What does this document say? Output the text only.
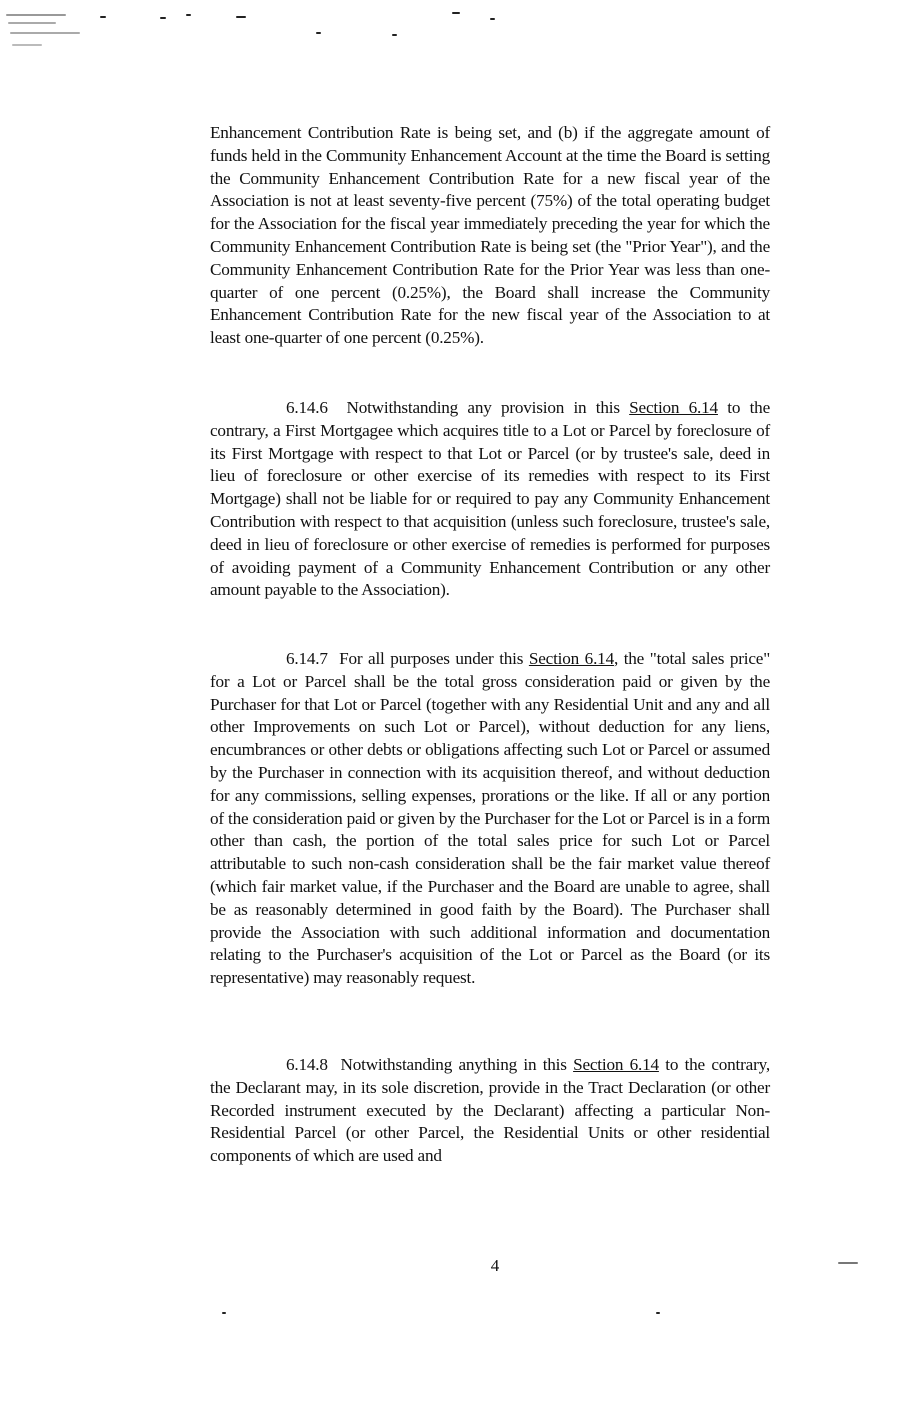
Enhancement Contribution Rate is being set, and (b) if the aggregate amount of funds held in the Community Enhancement Account at the time the Board is setting the Community Enhancement Contribution Rate for a new fiscal year of the Association is not at least seventy-five percent (75%) of the total operating budget for the Association for the fiscal year immediately preceding the year for which the Community Enhancement Contribution Rate is being set (the "Prior Year"), and the Community Enhancement Contribution Rate for the Prior Year was less than one-quarter of one percent (0.25%), the Board shall increase the Community Enhancement Contribution Rate for the new fiscal year of the Association to at least one-quarter of one percent (0.25%).

6.14.6 Notwithstanding any provision in this Section 6.14 to the contrary, a First Mortgagee which acquires title to a Lot or Parcel by foreclosure of its First Mortgage with respect to that Lot or Parcel (or by trustee's sale, deed in lieu of foreclosure or other exercise of its remedies with respect to its First Mortgage) shall not be liable for or required to pay any Community Enhancement Contribution with respect to that acquisition (unless such foreclosure, trustee's sale, deed in lieu of foreclosure or other exercise of remedies is performed for purposes of avoiding payment of a Community Enhancement Contribution or any other amount payable to the Association).

6.14.7 For all purposes under this Section 6.14, the "total sales price" for a Lot or Parcel shall be the total gross consideration paid or given by the Purchaser for that Lot or Parcel (together with any Residential Unit and any and all other Improvements on such Lot or Parcel), without deduction for any liens, encumbrances or other debts or obligations affecting such Lot or Parcel or assumed by the Purchaser in connection with its acquisition thereof, and without deduction for any commissions, selling expenses, prorations or the like. If all or any portion of the consideration paid or given by the Purchaser for the Lot or Parcel is in a form other than cash, the portion of the total sales price for such Lot or Parcel attributable to such non-cash consideration shall be the fair market value thereof (which fair market value, if the Purchaser and the Board are unable to agree, shall be as reasonably determined in good faith by the Board). The Purchaser shall provide the Association with such additional information and documentation relating to the Purchaser's acquisition of the Lot or Parcel as the Board (or its representative) may reasonably request.

6.14.8 Notwithstanding anything in this Section 6.14 to the contrary, the Declarant may, in its sole discretion, provide in the Tract Declaration (or other Recorded instrument executed by the Declarant) affecting a particular Non-Residential Parcel (or other Parcel, the Residential Units or other residential components of which are used and

4
